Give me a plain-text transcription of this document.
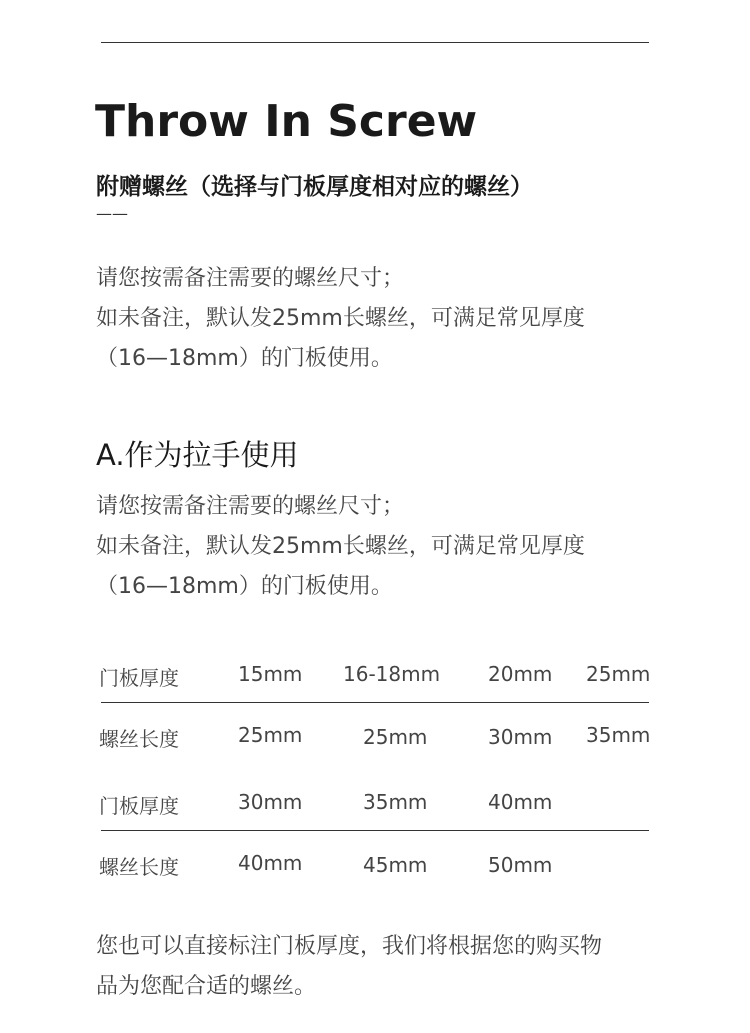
Throw In Screw
附赠螺丝（选择与门板厚度相对应的螺丝）
——
请您按需备注需要的螺丝尺寸；
如未备注，默认发25mm长螺丝，可满足常见厚度
（16—18mm）的门板使用。
A.作为拉手使用
请您按需备注需要的螺丝尺寸；
如未备注，默认发25mm长螺丝，可满足常见厚度
（16—18mm）的门板使用。
门板厚度	15mm 16-18mm 20mm 25mm
螺丝长度	25mm	25mm	30mm 35mm
门板厚度	30mm	35mm	40mm
螺丝长度	40mm	45mm	50mm
您也可以直接标注门板厚度，我们将根据您的购买物
品为您配合适的螺丝。
